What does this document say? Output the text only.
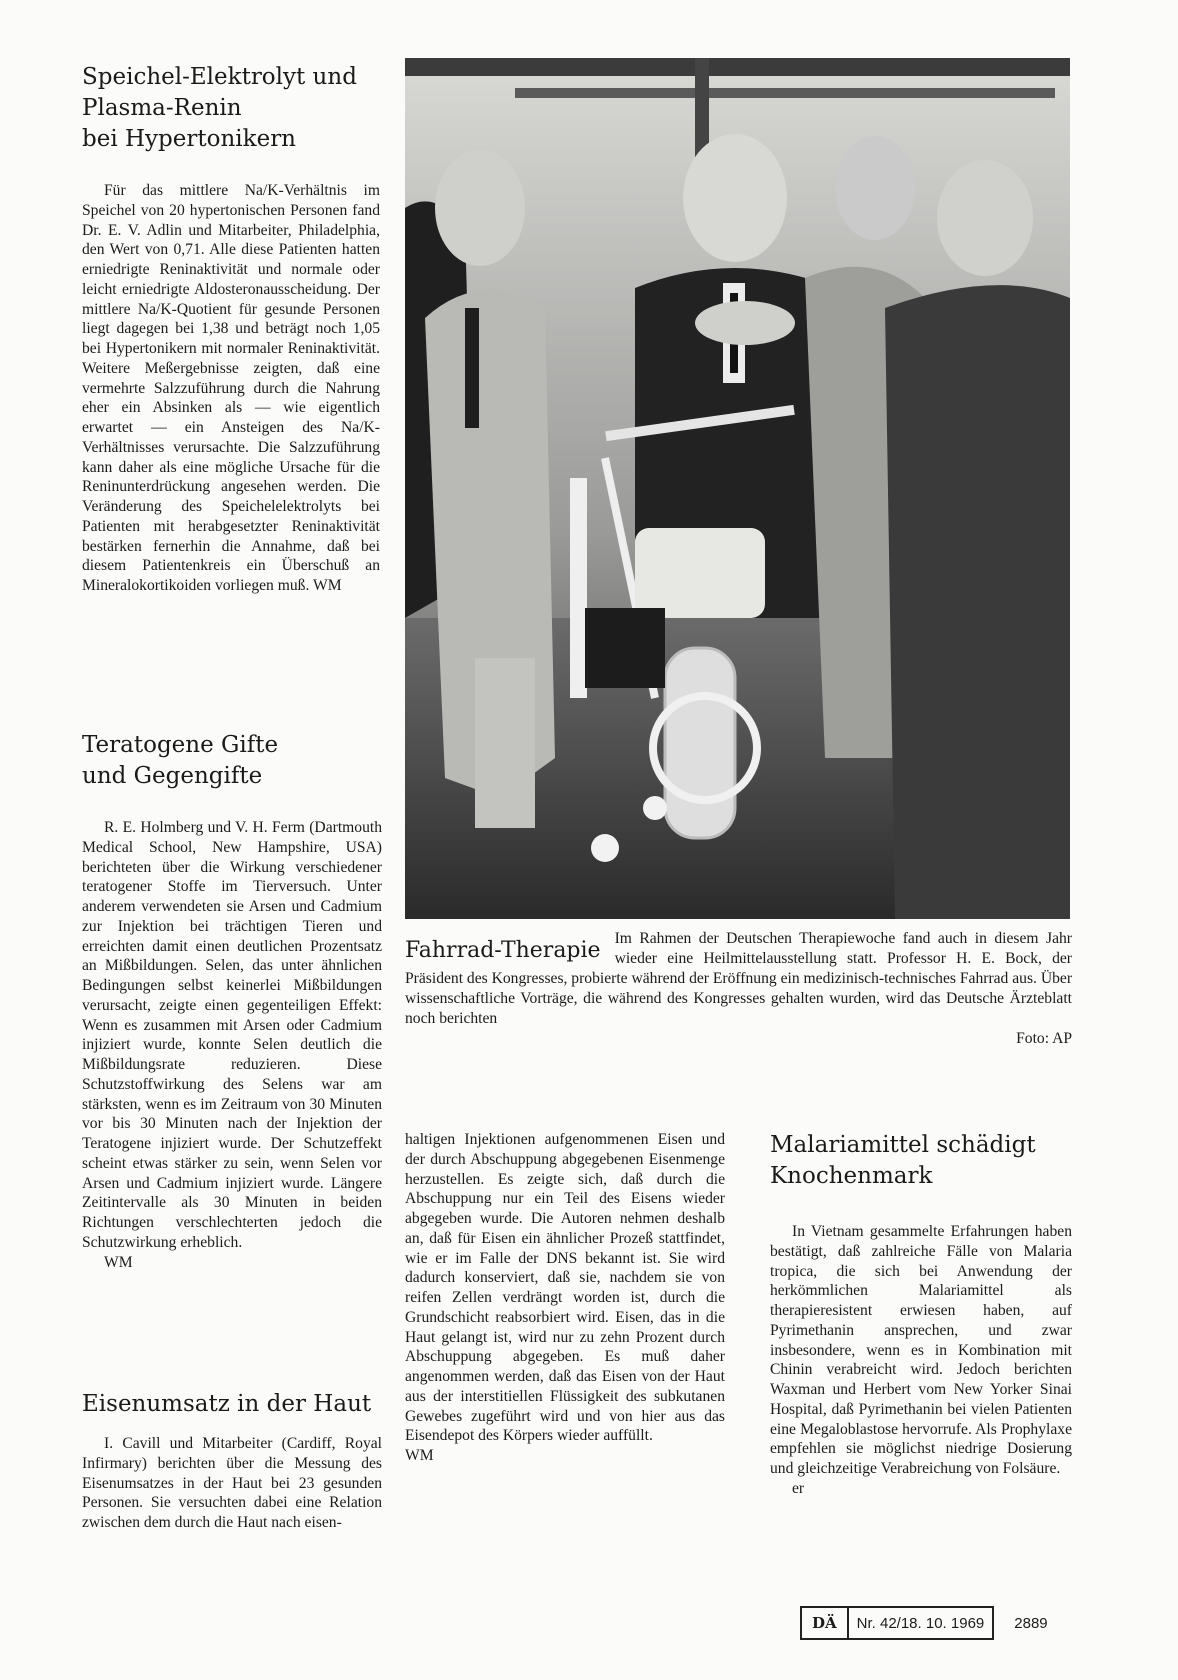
Speichel-Elektrolyt und
Plasma-Renin
bei Hypertonikern

Für das mittlere Na/K-Verhältnis im Speichel von 20 hypertonischen Personen fand Dr. E. V. Adlin und Mitarbeiter, Philadelphia, den Wert von 0,71. Alle diese Patienten hatten erniedrigte Reninaktivität und normale oder leicht erniedrigte Aldosteronausscheidung. Der mittlere Na/K-Quotient für gesunde Personen liegt dagegen bei 1,38 und beträgt noch 1,05 bei Hypertonikern mit normaler Reninaktivität. Weitere Meßergebnisse zeigten, daß eine vermehrte Salzzuführung durch die Nahrung eher ein Absinken als — wie eigentlich erwartet — ein Ansteigen des Na/K-Verhältnisses verursachte. Die Salzzuführung kann daher als eine mögliche Ursache für die Reninunterdrückung angesehen werden. Die Veränderung des Speichelelektrolyts bei Patienten mit herabgesetzter Reninaktivität bestärken fernerhin die Annahme, daß bei diesem Patientenkreis ein Überschuß an Mineralokortikoiden vorliegen muß. WM

Teratogene Gifte
und Gegengifte

R. E. Holmberg und V. H. Ferm (Dartmouth Medical School, New Hampshire, USA) berichteten über die Wirkung verschiedener teratogener Stoffe im Tierversuch. Unter anderem verwendeten sie Arsen und Cadmium zur Injektion bei trächtigen Tieren und erreichten damit einen deutlichen Prozentsatz an Mißbildungen. Selen, das unter ähnlichen Bedingungen selbst keinerlei Mißbildungen verursacht, zeigte einen gegenteiligen Effekt: Wenn es zusammen mit Arsen oder Cadmium injiziert wurde, konnte Selen deutlich die Mißbildungsrate reduzieren. Diese Schutzstoffwirkung des Selens war am stärksten, wenn es im Zeitraum von 30 Minuten vor bis 30 Minuten nach der Injektion der Teratogene injiziert wurde. Der Schutzeffekt scheint etwas stärker zu sein, wenn Selen vor Arsen und Cadmium injiziert wurde. Längere Zeitintervalle als 30 Minuten in beiden Richtungen verschlechterten jedoch die Schutzwirkung erheblich.
WM

Eisenumsatz in der Haut

I. Cavill und Mitarbeiter (Cardiff, Royal Infirmary) berichten über die Messung des Eisenumsatzes in der Haut bei 23 gesunden Personen. Sie versuchten dabei eine Relation zwischen dem durch die Haut nach eisen-

haltigen Injektionen aufgenommenen Eisen und der durch Abschuppung abgegebenen Eisenmenge herzustellen. Es zeigte sich, daß durch die Abschuppung nur ein Teil des Eisens wieder abgegeben wurde. Die Autoren nehmen deshalb an, daß für Eisen ein ähnlicher Prozeß stattfindet, wie er im Falle der DNS bekannt ist. Sie wird dadurch konserviert, daß sie, nachdem sie von reifen Zellen verdrängt worden ist, durch die Grundschicht reabsorbiert wird. Eisen, das in die Haut gelangt ist, wird nur zu zehn Prozent durch Abschuppung abgegeben. Es muß daher angenommen werden, daß das Eisen von der Haut aus der interstitiellen Flüssigkeit des subkutanen Gewebes zugeführt wird und von hier aus das Eisendepot des Körpers wieder auffüllt.
WM

Malariamittel schädigt
Knochenmark

In Vietnam gesammelte Erfahrungen haben bestätigt, daß zahlreiche Fälle von Malaria tropica, die sich bei Anwendung der herkömmlichen Malariamittel als therapieresistent erwiesen haben, auf Pyrimethanin ansprechen, und zwar insbesondere, wenn es in Kombination mit Chinin verabreicht wird. Jedoch berichten Waxman und Herbert vom New Yorker Sinai Hospital, daß Pyrimethanin bei vielen Patienten eine Megaloblastose hervorrufe. Als Prophylaxe empfehlen sie möglichst niedrige Dosierung und gleichzeitige Verabreichung von Folsäure.
er

Fahrrad-Therapie Im Rahmen der Deutschen Therapiewoche fand auch in diesem Jahr wieder eine Heilmittelausstellung statt. Professor H. E. Bock, der Präsident des Kongresses, probierte während der Eröffnung ein medizinisch-technisches Fahrrad aus. Über wissenschaftliche Vorträge, die während des Kongresses gehalten wurden, wird das Deutsche Ärzteblatt noch berichten
Foto: AP

DÄ	Nr. 42/18. 10. 1969	2889
